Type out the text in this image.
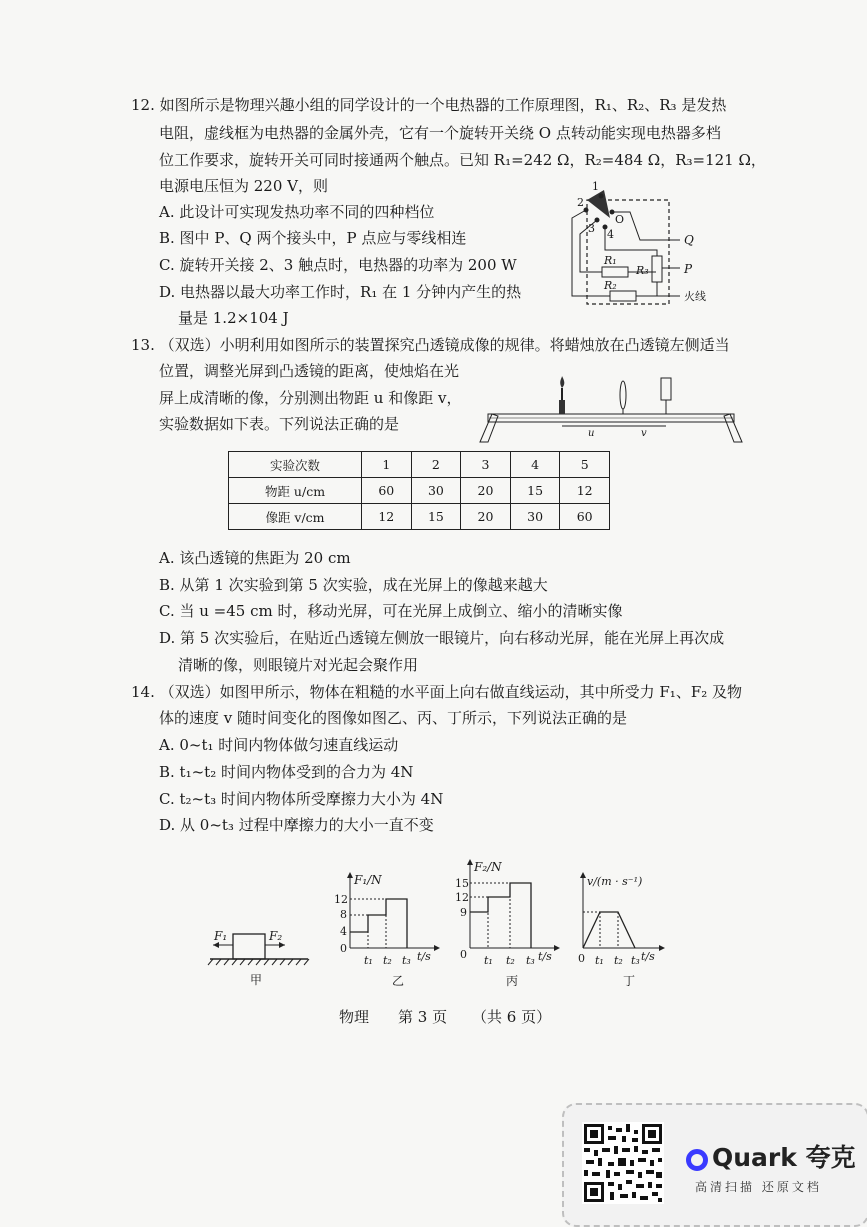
12. 如图所示是物理兴趣小组的同学设计的一个电热器的工作原理图，R₁、R₂、R₃ 是发热
电阻，虚线框为电热器的金属外壳，它有一个旋转开关绕 O 点转动能实现电热器多档
位工作要求，旋转开关可同时接通两个触点。已知 R₁=242 Ω，R₂=484 Ω，R₃=121 Ω，
电源电压恒为 220 V，则
A. 此设计可实现发热功率不同的四种档位
B. 图中 P、Q 两个接头中，P 点应与零线相连
C. 旋转开关接 2、3 触点时，电热器的功率为 200 W
D. 电热器以最大功率工作时，R₁ 在 1 分钟内产生的热
量是 1.2×104 J
1
2
O
3 4	Q
R₁
R₂
R₃	P
火线
13. （双选）小明利用如图所示的装置探究凸透镜成像的规律。将蜡烛放在凸透镜左侧适当
位置，调整光屏到凸透镜的距离，使烛焰在光
屏上成清晰的像，分别测出物距 u 和像距 v，
实验数据如下表。下列说法正确的是
u	v
实验次数	1	2	3	4	5
物距 u/cm	60	30	20	15	12
像距 v/cm	12	15	20	30	60
A. 该凸透镜的焦距为 20 cm
B. 从第 1 次实验到第 5 次实验，成在光屏上的像越来越大
C. 当 u =45 cm 时，移动光屏，可在光屏上成倒立、缩小的清晰实像
D. 第 5 次实验后，在贴近凸透镜左侧放一眼镜片，向右移动光屏，能在光屏上再次成
清晰的像，则眼镜片对光起会聚作用
14. （双选）如图甲所示，物体在粗糙的水平面上向右做直线运动，其中所受力 F₁、F₂ 及物
体的速度 v 随时间变化的图像如图乙、丙、丁所示，下列说法正确的是
A. 0~t₁ 时间内物体做匀速直线运动
B. t₁~t₂ 时间内物体受到的合力为 4N
C. t₂~t₃ 时间内物体所受摩擦力大小为 4N
D. 从 0~t₃ 过程中摩擦力的大小一直不变
F₁	F₂
甲
F₁/N
12
8
4
0
t₁ t₂ t₃ t/s
乙
F₂/N
15
12
9
0 t₁ t₂ t₃ t/s
丙
v/(m · s⁻¹)
0 t₁ t₂ t₃ t/s
丁
物理 第 3 页 （共 6 页）
Quark 夸克
高清扫描 还原文档
